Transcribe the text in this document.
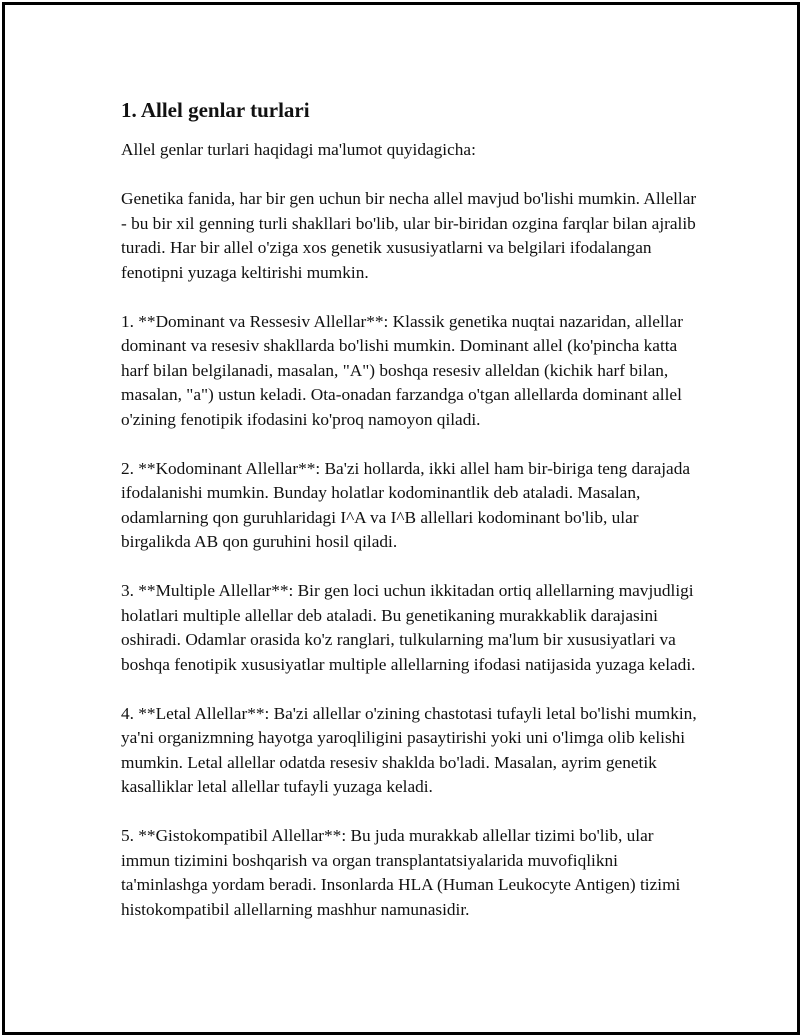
1. Allel genlar turlari
Allel genlar turlari haqidagi ma'lumot quyidagicha:
Genetika fanida, har bir gen uchun bir necha allel mavjud bo'lishi mumkin. Allellar - bu bir xil genning turli shakllari bo'lib, ular bir-biridan ozgina farqlar bilan ajralib turadi. Har bir allel o'ziga xos genetik xususiyatlarni va belgilari ifodalangan fenotipni yuzaga keltirishi mumkin.
1. **Dominant va Ressesiv Allellar**: Klassik genetika nuqtai nazaridan, allellar dominant va resesiv shakllarda bo'lishi mumkin. Dominant allel (ko'pincha katta harf bilan belgilanadi, masalan, "A") boshqa resesiv alleldan (kichik harf bilan, masalan, "a") ustun keladi. Ota-onadan farzandga o'tgan allellarda dominant allel o'zining fenotipik ifodasini ko'proq namoyon qiladi.
2. **Kodominant Allellar**: Ba'zi hollarda, ikki allel ham bir-biriga teng darajada ifodalanishi mumkin. Bunday holatlar kodominantlik deb ataladi. Masalan, odamlarning qon guruhlaridagi I^A va I^B allellari kodominant bo'lib, ular birgalikda AB qon guruhini hosil qiladi.
3. **Multiple Allellar**: Bir gen loci uchun ikkitadan ortiq allellarning mavjudligi holatlari multiple allellar deb ataladi. Bu genetikaning murakkablik darajasini oshiradi. Odamlar orasida ko'z ranglari, tulkularning ma'lum bir xususiyatlari va boshqa fenotipik xususiyatlar multiple allellarning ifodasi natijasida yuzaga keladi.
4. **Letal Allellar**: Ba'zi allellar o'zining chastotasi tufayli letal bo'lishi mumkin, ya'ni organizmning hayotga yaroqliligini pasaytirishi yoki uni o'limga olib kelishi mumkin. Letal allellar odatda resesiv shaklda bo'ladi. Masalan, ayrim genetik kasalliklar letal allellar tufayli yuzaga keladi.
5. **Gistokompatibil Allellar**: Bu juda murakkab allellar tizimi bo'lib, ular immun tizimini boshqarish va organ transplantatsiyalarida muvofiqlikni ta'minlashga yordam beradi. Insonlarda HLA (Human Leukocyte Antigen) tizimi histokompatibil allellarning mashhur namunasidir.
